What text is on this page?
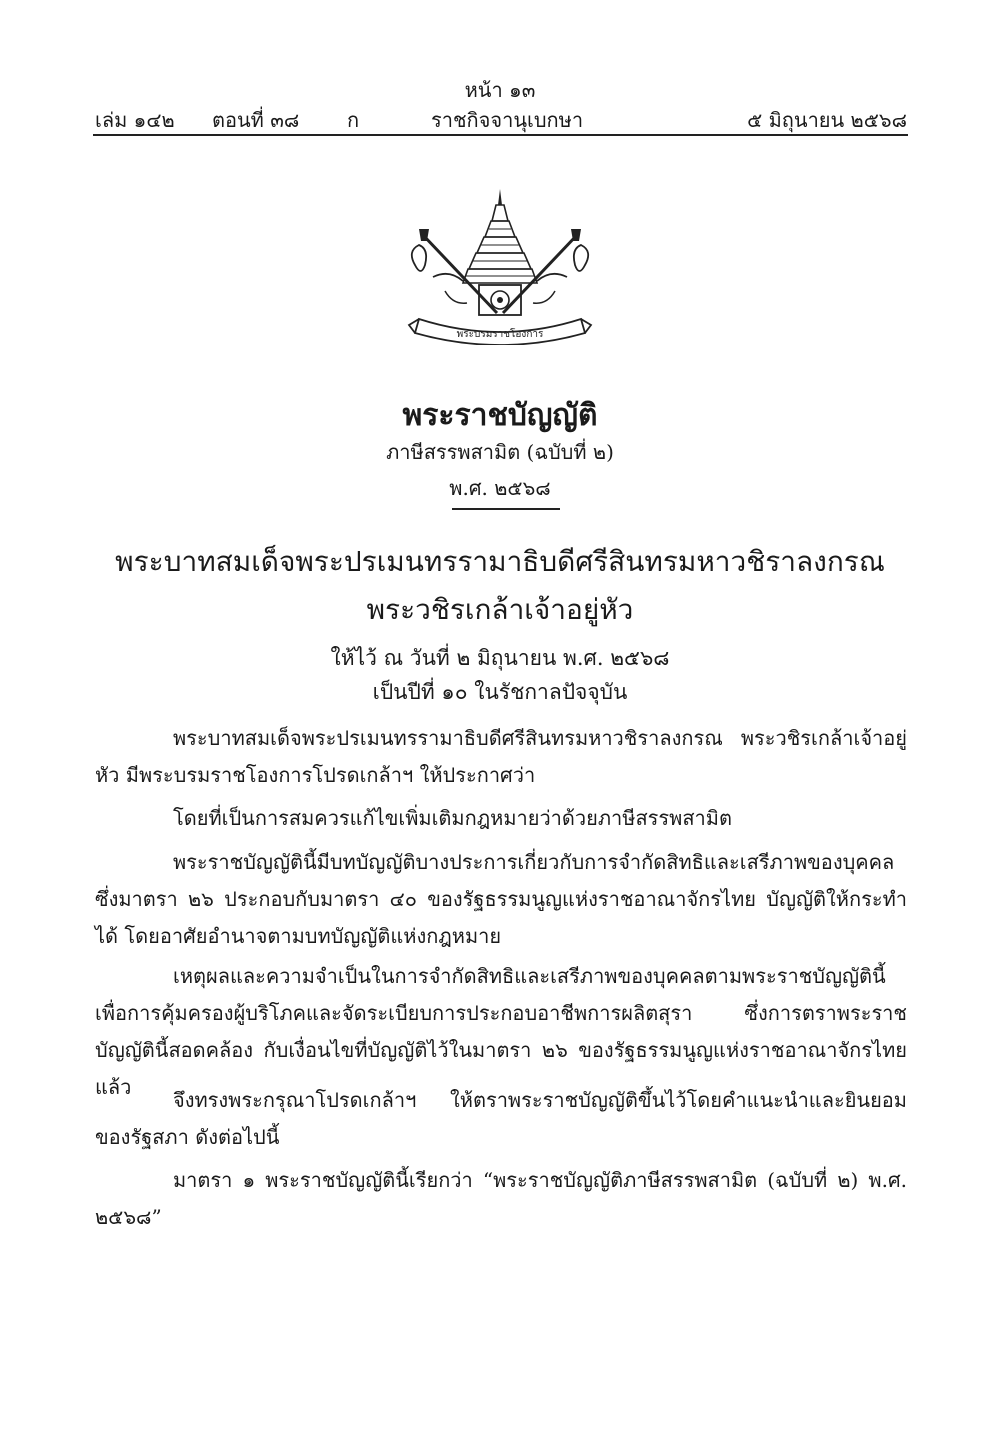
หน้า ๑๓
เล่ม ๑๔๒ ตอนที่ ๓๘ ก	ราชกิจจานุเบกษา	๕ มิถุนายน ๒๕๖๘
พระบรมราชโองการ
พระราชบัญญัติ
ภาษีสรรพสามิต (ฉบับที่ ๒)
พ.ศ. ๒๕๖๘
พระบาทสมเด็จพระปรเมนทรรามาธิบดีศรีสินทรมหาวชิราลงกรณ
พระวชิรเกล้าเจ้าอยู่หัว
ให้ไว้ ณ วันที่ ๒ มิถุนายน พ.ศ. ๒๕๖๘
เป็นปีที่ ๑๐ ในรัชกาลปัจจุบัน

พระบาทสมเด็จพระปรเมนทรรามาธิบดีศรีสินทรมหาวชิราลงกรณ พระวชิรเกล้าเจ้าอยู่หัว มีพระบรมราชโองการโปรดเกล้าฯ ให้ประกาศว่า

โดยที่เป็นการสมควรแก้ไขเพิ่มเติมกฎหมายว่าด้วยภาษีสรรพสามิต

พระราชบัญญัตินี้มีบทบัญญัติบางประการเกี่ยวกับการจำกัดสิทธิและเสรีภาพของบุคคล ซึ่งมาตรา ๒๖ ประกอบกับมาตรา ๔๐ ของรัฐธรรมนูญแห่งราชอาณาจักรไทย บัญญัติให้กระทำได้ โดยอาศัยอำนาจตามบทบัญญัติแห่งกฎหมาย

เหตุผลและความจำเป็นในการจำกัดสิทธิและเสรีภาพของบุคคลตามพระราชบัญญัตินี้ เพื่อการคุ้มครองผู้บริโภคและจัดระเบียบการประกอบอาชีพการผลิตสุรา ซึ่งการตราพระราชบัญญัตินี้สอดคล้อง กับเงื่อนไขที่บัญญัติไว้ในมาตรา ๒๖ ของรัฐธรรมนูญแห่งราชอาณาจักรไทยแล้ว

จึงทรงพระกรุณาโปรดเกล้าฯ ให้ตราพระราชบัญญัติขึ้นไว้โดยคำแนะนำและยินยอม ของรัฐสภา ดังต่อไปนี้

มาตรา ๑ พระราชบัญญัตินี้เรียกว่า “พระราชบัญญัติภาษีสรรพสามิต (ฉบับที่ ๒) พ.ศ. ๒๕๖๘”
